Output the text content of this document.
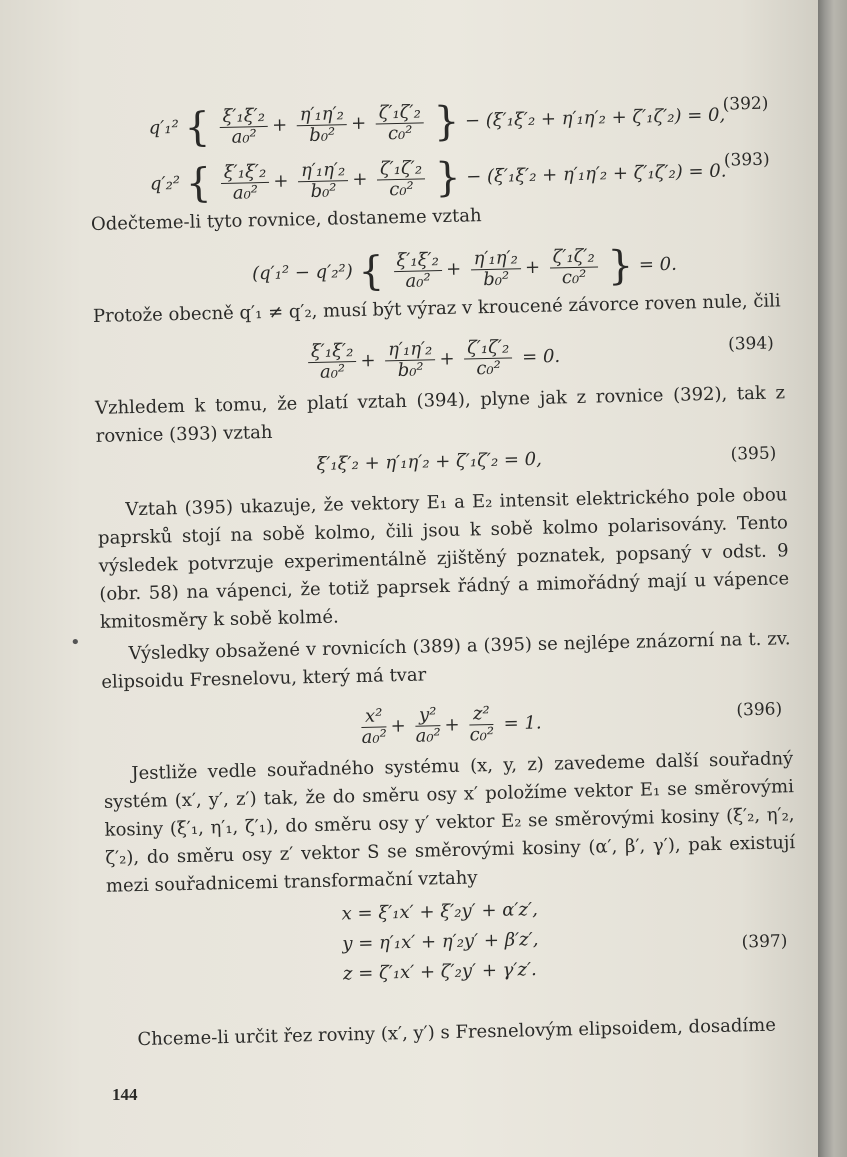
q′₁² { $\frac{\text{ξ′₁ξ′₂}}{\text{a₀²}} + \frac{\text{η′₁η′₂}}{\text{b₀²}} + \frac{\text{ζ′₁ζ′₂}}{\text{c₀²}}$ } − (ξ′₁ξ′₂ + η′₁η′₂ + ζ′₁ζ′₂) = 0,
(392)
q′₂² { $\frac{\text{ξ′₁ξ′₂}}{\text{a₀²}} + \frac{\text{η′₁η′₂}}{\text{b₀²}} + \frac{\text{ζ′₁ζ′₂}}{\text{c₀²}}$ } − (ξ′₁ξ′₂ + η′₁η′₂ + ζ′₁ζ′₂) = 0.
(393)

Odečteme-li tyto rovnice, dostaneme vztah

(q′₁² − q′₂²) { $\frac{\text{ξ′₁ξ′₂}}{\text{a₀²}} + \frac{\text{η′₁η′₂}}{\text{b₀²}} + \frac{\text{ζ′₁ζ′₂}}{\text{c₀²}}$ } = 0.

Protože obecně q′₁ ≠ q′₂, musí být výraz v kroucené závorce roven nule, čili

$\frac{\text{ξ′₁ξ′₂}}{\text{a₀²}} + \frac{\text{η′₁η′₂}}{\text{b₀²}} + \frac{\text{ζ′₁ζ′₂}}{\text{c₀²}} = 0$.
(394)

Vzhledem k tomu, že platí vztah (394), plyne jak z rovnice (392), tak z rovnice (393) vztah

ξ′₁ξ′₂ + η′₁η′₂ + ζ′₁ζ′₂ = 0,	(395)

Vztah (395) ukazuje, že vektory E₁ a E₂ intensit elektrického pole obou paprsků stojí na sobě kolmo, čili jsou k sobě kolmo polarisovány. Tento výsledek potvrzuje experimentálně zjištěný poznatek, popsaný v odst. 9 (obr. 58) na vápenci, že totiž paprsek řádný a mimořádný mají u vápence kmitosměry k sobě kolmé.

Výsledky obsažené v rovnicích (389) a (395) se nejlépe znázorní na t. zv. elipsoidu Fresnelovu, který má tvar

$\frac{\text{x²}}{\text{a₀²}} + \frac{\text{y²}}{\text{a₀²}} + \frac{\text{z²}}{\text{c₀²}} = 1$.
(396)

Jestliže vedle souřadného systému (x, y, z) zavedeme další souřadný systém (x′, y′, z′) tak, že do směru osy x′ položíme vektor E₁ se směrovými kosiny (ξ′₁, η′₁, ζ′₁), do směru osy y′ vektor E₂ se směrovými kosiny (ξ′₂, η′₂, ζ′₂), do směru osy z′ vektor S se směrovými kosiny (α′, β′, γ′), pak existují mezi souřadnicemi transformační vztahy

x = ξ′₁x′ + ξ′₂y′ + α′z′,
y = η′₁x′ + η′₂y′ + β′z′,
z = ζ′₁x′ + ζ′₂y′ + γ′z′.
(397)

Chceme-li určit řez roviny (x′, y′) s Fresnelovým elipsoidem, dosadíme

•
144
